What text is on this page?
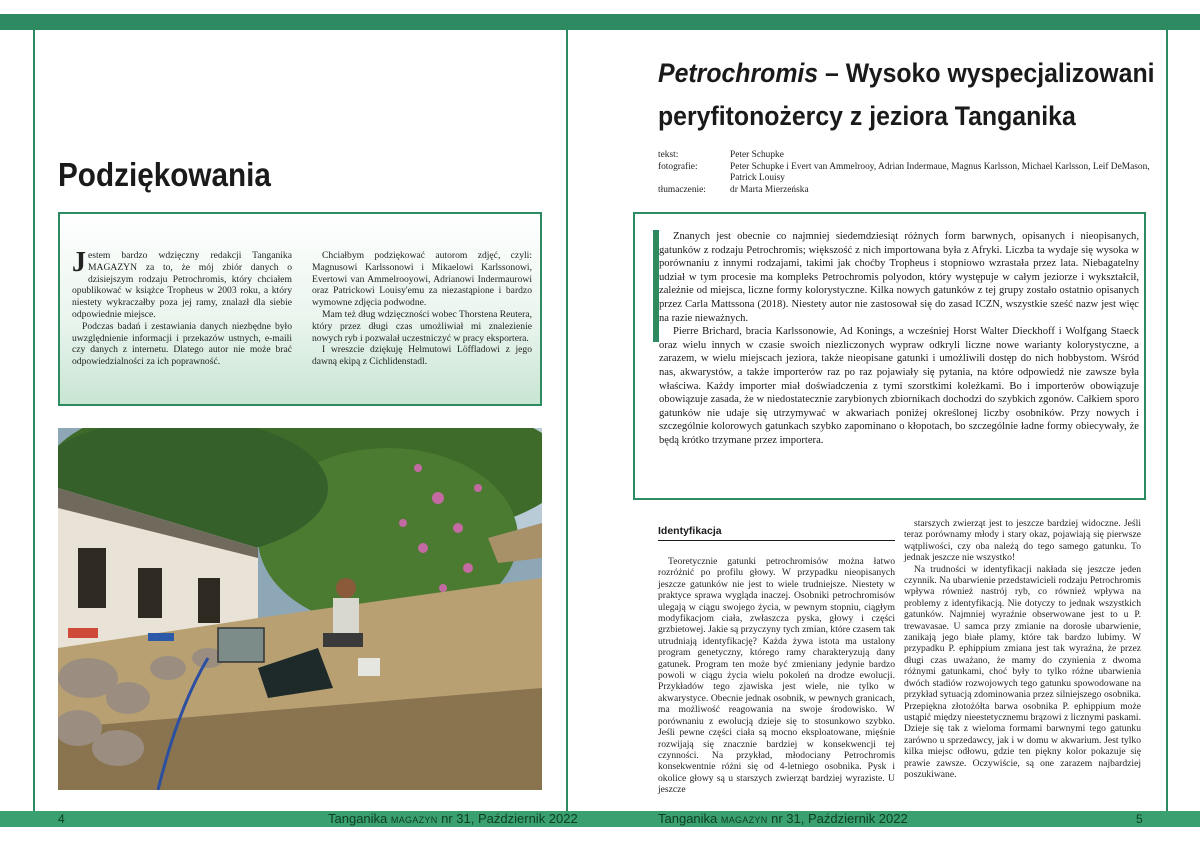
Podziękowania

Jestem bardzo wdzięczny redakcji Tanganika MAGAZYN za to, że mój zbiór danych o dzisiejszym rodzaju Petrochromis, który chciałem opublikować w książce Tropheus w 2003 roku, a który niestety wykraczałby poza jej ramy, znalazł dla siebie odpowiednie miejsce.

Podczas badań i zestawiania danych niezbędne było uwzględnienie informacji i przekazów ustnych, e-maili czy danych z internetu. Dlatego autor nie może brać odpowiedzialności za ich poprawność.

Chciałbym podziękować autorom zdjęć, czyli: Magnusowi Karlssonowi i Mikaelowi Karlssonowi, Evertowi van Ammelrooyowi, Adrianowi Indermaurowi oraz Patrickowi Louisy'emu za niezastąpione i bardzo wymowne zdjęcia podwodne.

Mam też dług wdzięczności wobec Thorstena Reutera, który przez długi czas umożliwiał mi znalezienie nowych ryb i pozwalał uczestniczyć w pracy eksportera.

I wreszcie dziękuję Helmutowi Löffladowi z jego dawną ekipą z Cichlidenstadl.

Petrochromis – Wysoko wyspecjalizowani
peryfitonożercy z jeziora Tanganika
tekst:	Peter Schupke
fotografie:	Peter Schupke i Evert van Ammelrooy, Adrian Indermaue, Magnus Karlsson, Michael Karlsson, Leif DeMason, Patrick Louisy
tłumaczenie:	dr Marta Mierzeńska

Znanych jest obecnie co najmniej siedemdziesiąt różnych form barwnych, opisanych i nieopisanych, gatunków z rodzaju Petrochromis; większość z nich importowana była z Afryki. Liczba ta wydaje się wysoka w porównaniu z innymi rodzajami, takimi jak choćby Tropheus i stopniowo wzrastała przez lata. Niebagatelny udział w tym procesie ma kompleks Petrochromis polyodon, który występuje w całym jeziorze i wykształcił, zależnie od miejsca, liczne formy kolorystyczne. Kilka nowych gatunków z tej grupy zostało ostatnio opisanych przez Carla Mattssona (2018). Niestety autor nie zastosował się do zasad ICZN, wszystkie sześć nazw jest więc na razie nieważnych.

Pierre Brichard, bracia Karlssonowie, Ad Konings, a wcześniej Horst Walter Dieckhoff i Wolfgang Staeck oraz wielu innych w czasie swoich niezliczonych wypraw odkryli liczne nowe warianty kolorystyczne, a zarazem, w wielu miejscach jeziora, także nieopisane gatunki i umożliwili dostęp do nich hobbystom. Wśród nas, akwarystów, a także importerów raz po raz pojawiały się pytania, na które odpowiedź nie zawsze była właściwa. Każdy importer miał doświadczenia z tymi szorstkimi koleżkami. Bo i importerów obowiązuje obowiązuje zasada, że w niedostatecznie zarybionych zbiornikach dochodzi do szybkich zgonów. Całkiem sporo gatunków nie udaje się utrzymywać w akwariach poniżej określonej liczby osobników. Przy nowych i szczególnie kolorowych gatunkach szybko zapominano o kłopotach, bo szczególnie ładne formy obiecywały, że będą krótko trzymane przez importera.

Identyfikacja

Teoretycznie gatunki petrochromisów można łatwo rozróżnić po profilu głowy. W przypadku nieopisanych jeszcze gatunków nie jest to wiele trudniejsze. Niestety w praktyce sprawa wygląda inaczej. Osobniki petrochromisów ulegają w ciągu swojego życia, w pewnym stopniu, ciągłym modyfikacjom ciała, zwłaszcza pyska, głowy i części grzbietowej. Jakie są przyczyny tych zmian, które czasem tak utrudniają identyfikację? Każda żywa istota ma ustalony program genetyczny, którego ramy charakteryzują dany gatunek. Program ten może być zmieniany jedynie bardzo powoli w ciągu życia wielu pokoleń na drodze ewolucji. Przykładów tego zjawiska jest wiele, nie tylko w akwarystyce. Obecnie jednak osobnik, w pewnych granicach, ma możliwość reagowania na swoje środowisko. W porównaniu z ewolucją dzieje się to stosunkowo szybko. Jeśli pewne części ciała są mocno eksploatowane, mięśnie rozwijają się znacznie bardziej w konsekwencji tej czynności. Na przykład, młodociany Petrochromis konsekwentnie różni się od 4-letniego osobnika. Pysk i okolice głowy są u starszych zwierząt bardziej wyraziste. U jeszcze

starszych zwierząt jest to jeszcze bardziej widoczne. Jeśli teraz porównamy młody i stary okaz, pojawiają się pierwsze wątpliwości, czy oba należą do tego samego gatunku. To jednak jeszcze nie wszystko!

Na trudności w identyfikacji nakłada się jeszcze jeden czynnik. Na ubarwienie przedstawicieli rodzaju Petrochromis wpływa również nastrój ryb, co również wpływa na problemy z identyfikacją. Nie dotyczy to jednak wszystkich gatunków. Najmniej wyraźnie obserwowane jest to u P. trewavasae. U samca przy zmianie na dorosłe ubarwienie, zanikają jego białe plamy, które tak bardzo lubimy. W przypadku P. ephippium zmiana jest tak wyraźna, że przez długi czas uważano, że mamy do czynienia z dwoma różnymi gatunkami, choć były to tylko różne ubarwienia dwóch stadiów rozwojowych tego gatunku spowodowane na przykład sytuacją zdominowania przez silniejszego osobnika. Przepiękna złotożółta barwa osobnika P. ephippium może ustąpić między nieestetycznemu brązowi z licznymi paskami. Dzieje się tak z wieloma formami barwnymi tego gatunku zarówno u sprzedawcy, jak i w domu w akwarium. Jest tylko kilka miejsc odłowu, gdzie ten piękny kolor pokazuje się prawie zawsze. Oczywiście, są one zarazem najbardziej poszukiwane.

4	Tanganika MAGAZYN nr 31, Październik 2022	Tanganika MAGAZYN nr 31, Październik 2022	5
